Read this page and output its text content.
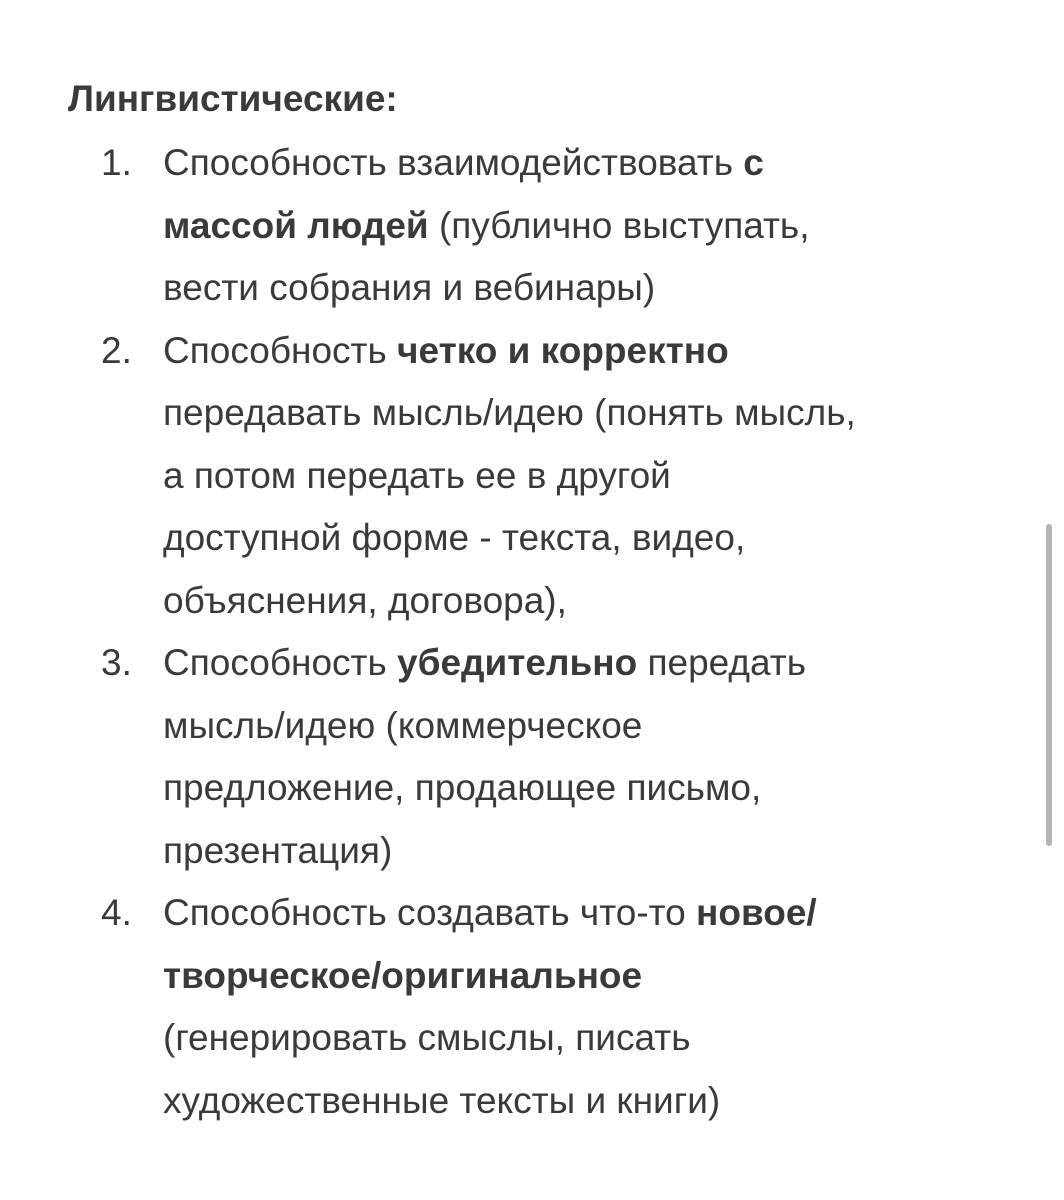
Лингвистические:
1. Способность взаимодействовать с
массой людей (публично выступать,
вести собрания и вебинары)
2. Способность четко и корректно
передавать мысль/идею (понять мысль,
а потом передать ее в другой
доступной форме - текста, видео,
объяснения, договора),
3. Способность убедительно передать
мысль/идею (коммерческое
предложение, продающее письмо,
презентация)
4. Способность создавать что-то новое/
творческое/оригинальное
(генерировать смыслы, писать
художественные тексты и книги)
